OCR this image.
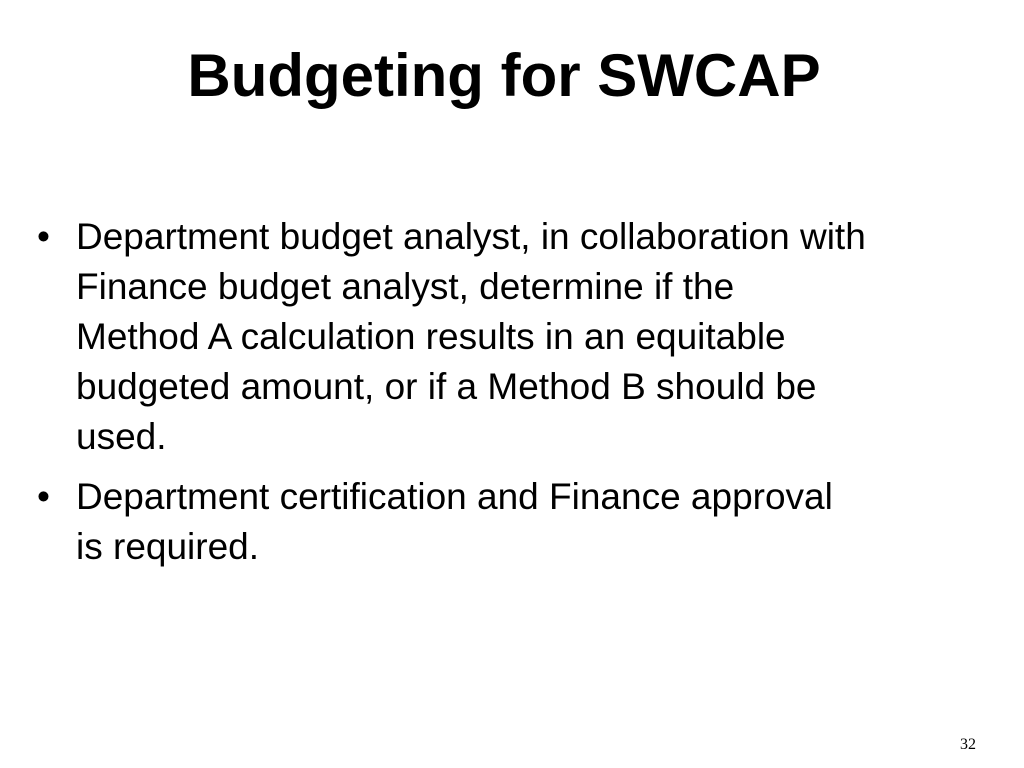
Budgeting for SWCAP
• Department budget analyst, in collaboration with
Finance budget analyst, determine if the
Method A calculation results in an equitable
budgeted amount, or if a Method B should be
used.
• Department certification and Finance approval
is required.
32
